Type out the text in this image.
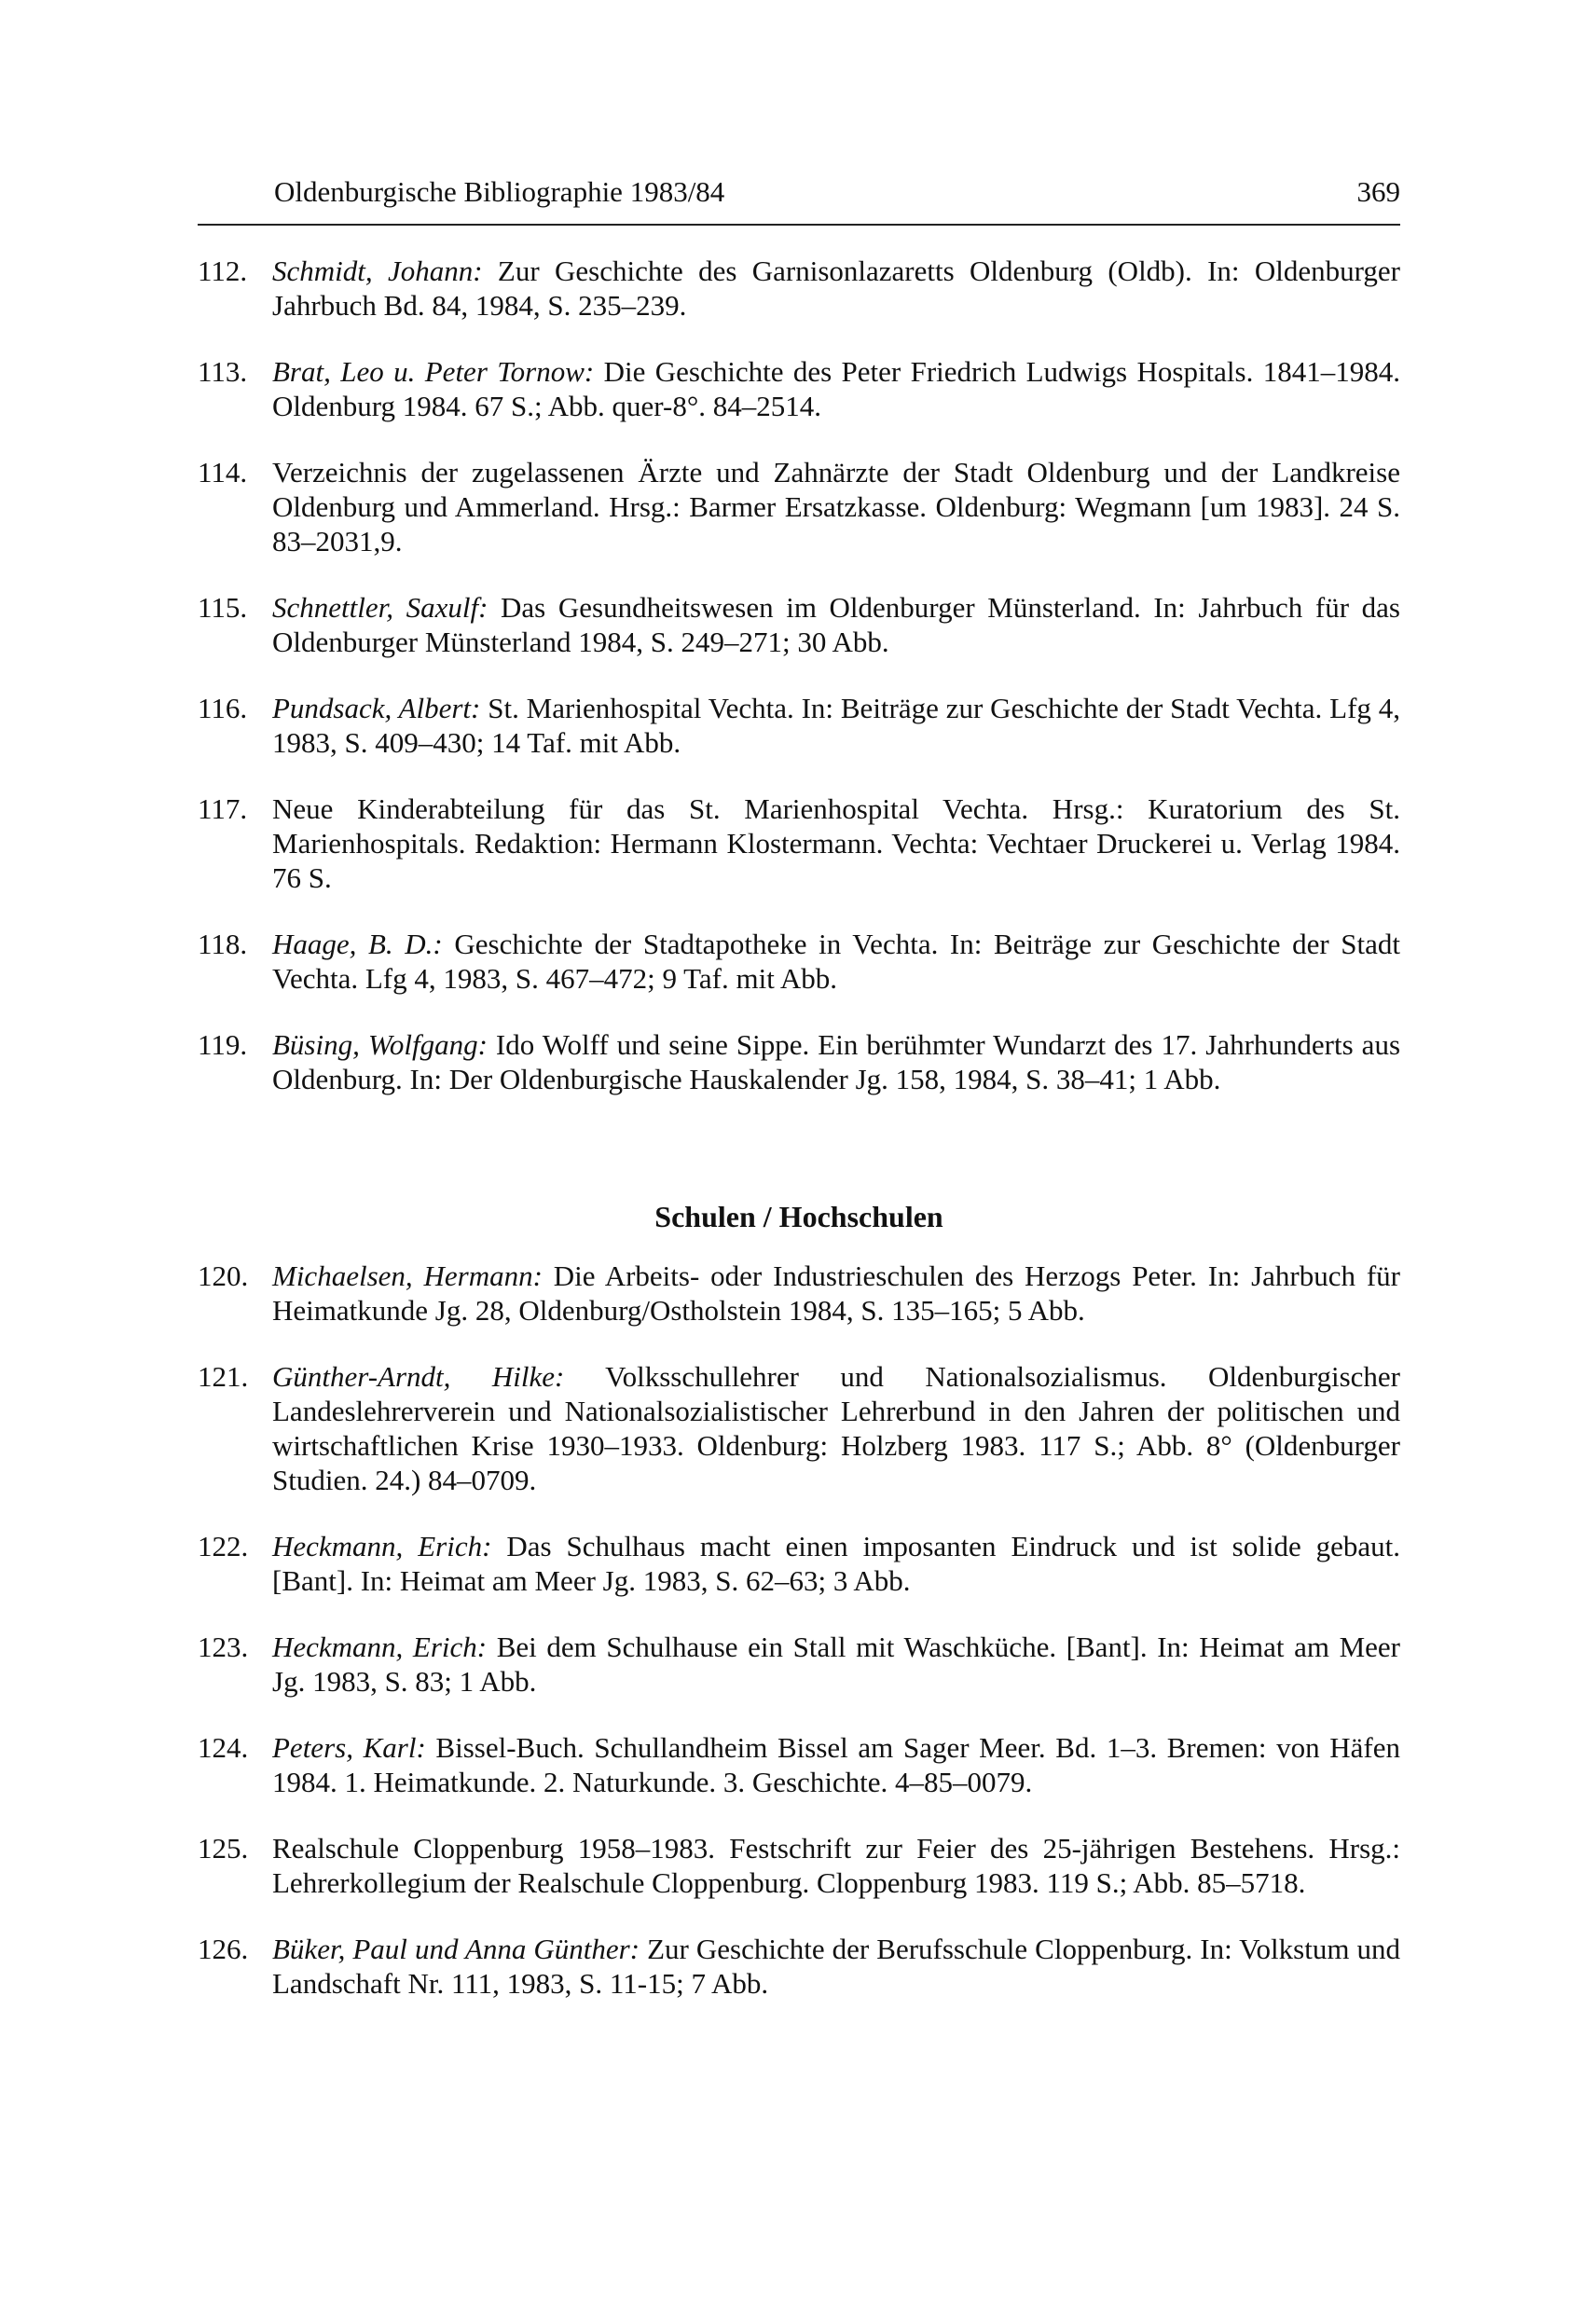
Oldenburgische Bibliographie 1983/84	369
112. Schmidt, Johann: Zur Geschichte des Garnisonlazaretts Oldenburg (Oldb). In: Oldenburger Jahrbuch Bd. 84, 1984, S. 235–239.
113. Brat, Leo u. Peter Tornow: Die Geschichte des Peter Friedrich Ludwigs Hospitals. 1841–1984. Oldenburg 1984. 67 S.; Abb. quer-8°. 84–2514.
114. Verzeichnis der zugelassenen Ärzte und Zahnärzte der Stadt Oldenburg und der Landkreise Oldenburg und Ammerland. Hrsg.: Barmer Ersatzkasse. Oldenburg: Wegmann [um 1983]. 24 S. 83–2031,9.
115. Schnettler, Saxulf: Das Gesundheitswesen im Oldenburger Münsterland. In: Jahrbuch für das Oldenburger Münsterland 1984, S. 249–271; 30 Abb.
116. Pundsack, Albert: St. Marienhospital Vechta. In: Beiträge zur Geschichte der Stadt Vechta. Lfg 4, 1983, S. 409–430; 14 Taf. mit Abb.
117. Neue Kinderabteilung für das St. Marienhospital Vechta. Hrsg.: Kuratorium des St. Marienhospitals. Redaktion: Hermann Klostermann. Vechta: Vechtaer Druckerei u. Verlag 1984. 76 S.
118. Haage, B. D.: Geschichte der Stadtapotheke in Vechta. In: Beiträge zur Geschichte der Stadt Vechta. Lfg 4, 1983, S. 467–472; 9 Taf. mit Abb.
119. Büsing, Wolfgang: Ido Wolff und seine Sippe. Ein berühmter Wundarzt des 17. Jahrhunderts aus Oldenburg. In: Der Oldenburgische Hauskalender Jg. 158, 1984, S. 38–41; 1 Abb.
Schulen / Hochschulen
120. Michaelsen, Hermann: Die Arbeits- oder Industrieschulen des Herzogs Peter. In: Jahrbuch für Heimatkunde Jg. 28, Oldenburg/Ostholstein 1984, S. 135–165; 5 Abb.
121. Günther-Arndt, Hilke: Volksschullehrer und Nationalsozialismus. Oldenburgischer Landeslehrerverein und Nationalsozialistischer Lehrerbund in den Jahren der politischen und wirtschaftlichen Krise 1930–1933. Oldenburg: Holzberg 1983. 117 S.; Abb. 8° (Oldenburger Studien. 24.) 84–0709.
122. Heckmann, Erich: Das Schulhaus macht einen imposanten Eindruck und ist solide gebaut. [Bant]. In: Heimat am Meer Jg. 1983, S. 62–63; 3 Abb.
123. Heckmann, Erich: Bei dem Schulhause ein Stall mit Waschküche. [Bant]. In: Heimat am Meer Jg. 1983, S. 83; 1 Abb.
124. Peters, Karl: Bissel-Buch. Schullandheim Bissel am Sager Meer. Bd. 1–3. Bremen: von Häfen 1984. 1. Heimatkunde. 2. Naturkunde. 3. Geschichte. 4–85–0079.
125. Realschule Cloppenburg 1958–1983. Festschrift zur Feier des 25-jährigen Bestehens. Hrsg.: Lehrerkollegium der Realschule Cloppenburg. Cloppenburg 1983. 119 S.; Abb. 85–5718.
126. Büker, Paul und Anna Günther: Zur Geschichte der Berufsschule Cloppenburg. In: Volkstum und Landschaft Nr. 111, 1983, S. 11-15; 7 Abb.
